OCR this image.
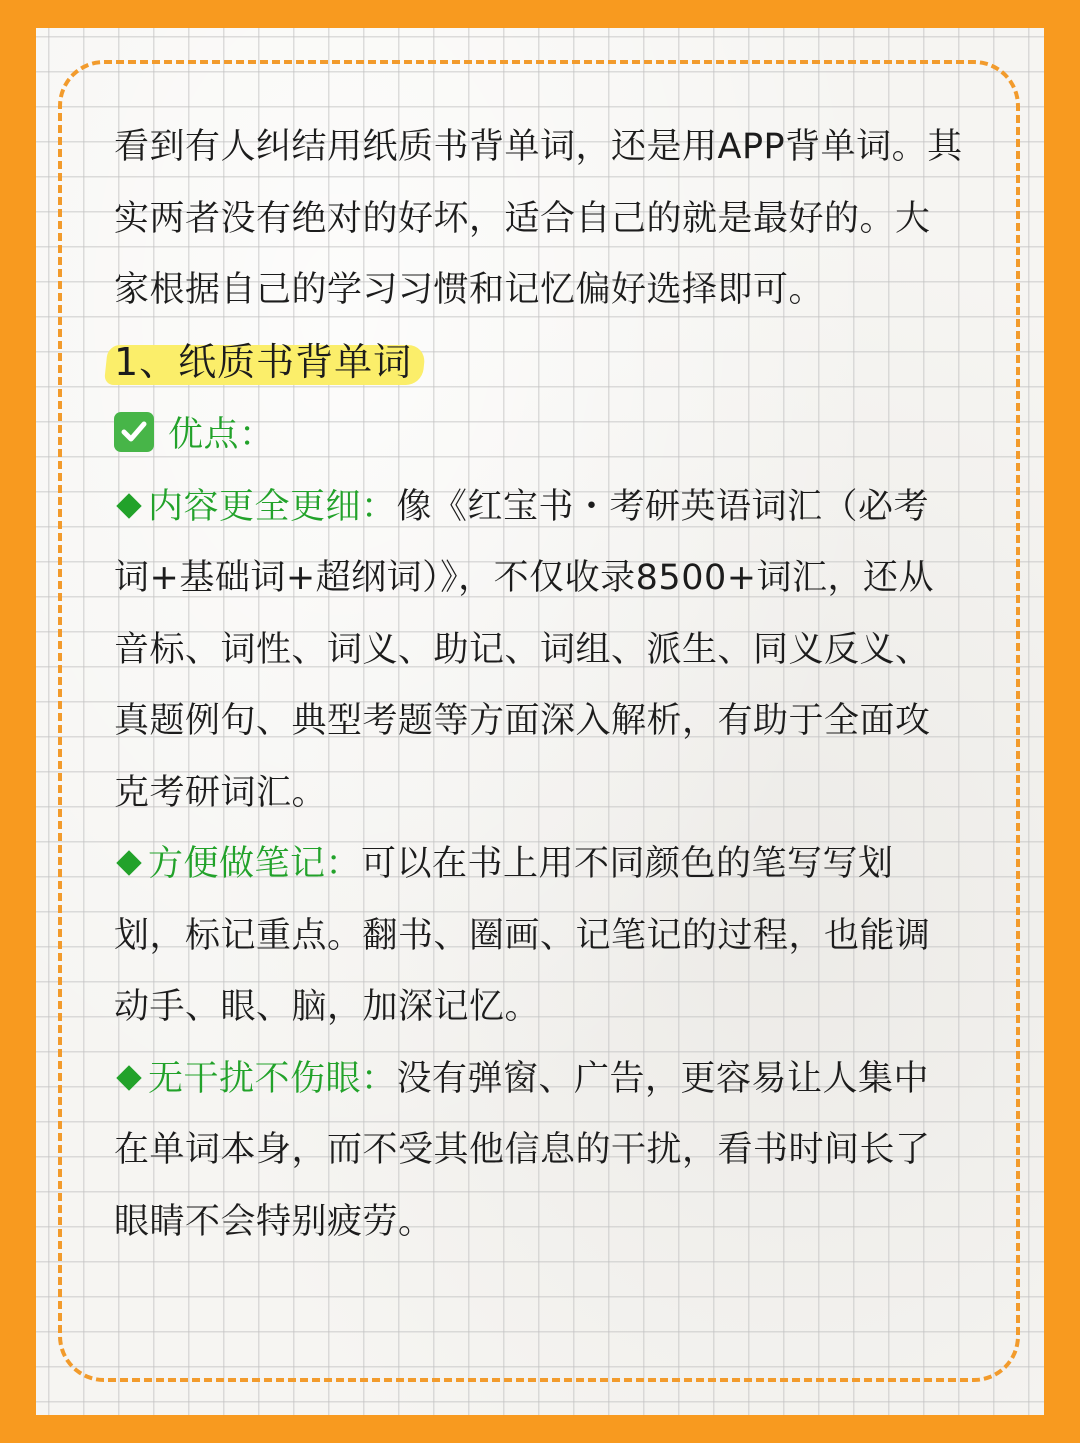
看到有人纠结用纸质书背单词，还是用APP背单词。其实两者没有绝对的好坏，适合自己的就是最好的。大家根据自己的学习习惯和记忆偏好选择即可。

1、纸质书背单词
优点：

内容更全更细：像《红宝书・考研英语词汇（必考词+基础词+超纲词）》，不仅收录8500+词汇，还从音标、词性、词义、助记、词组、派生、同义反义、真题例句、典型考题等方面深入解析，有助于全面攻克考研词汇。

方便做笔记：可以在书上用不同颜色的笔写写划划，标记重点。翻书、圈画、记笔记的过程，也能调动手、眼、脑，加深记忆。

无干扰不伤眼：没有弹窗、广告，更容易让人集中在单词本身，而不受其他信息的干扰，看书时间长了眼睛不会特别疲劳。
